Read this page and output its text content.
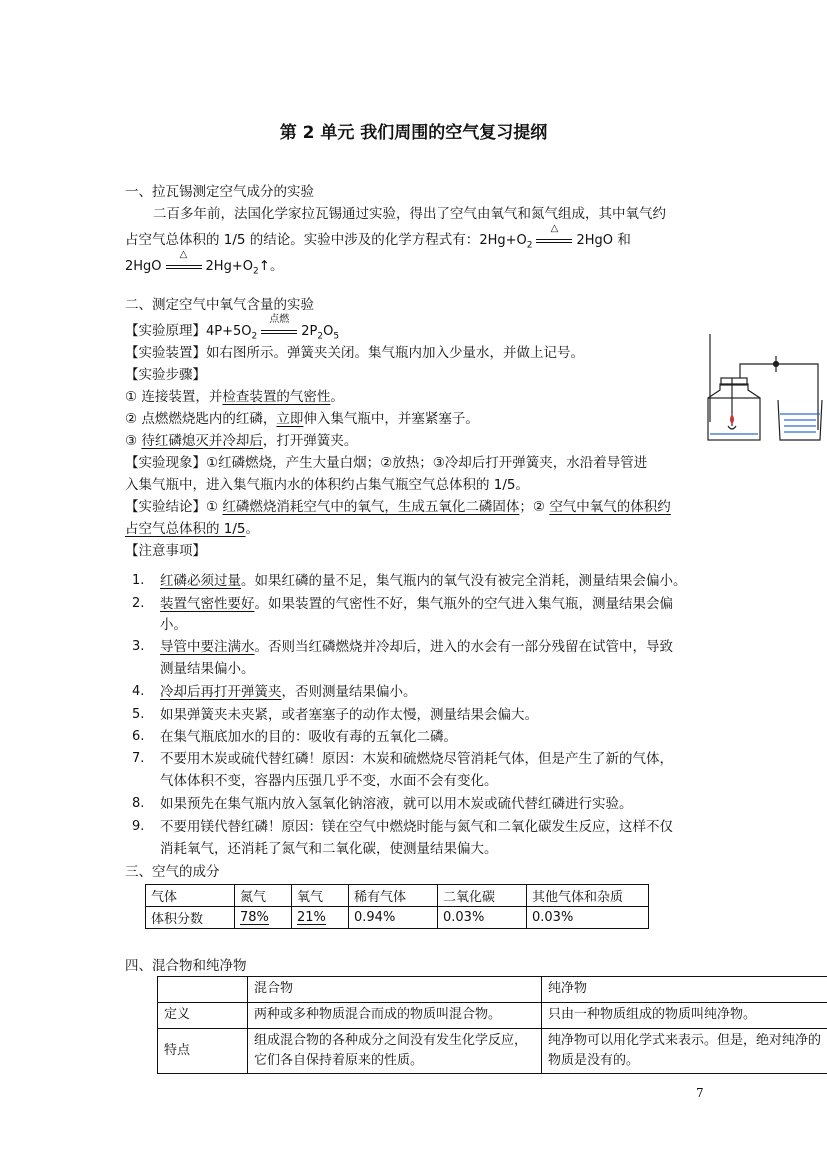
第 2 单元 我们周围的空气复习提纲
一、拉瓦锡测定空气成分的实验
二百多年前，法国化学家拉瓦锡通过实验，得出了空气由氧气和氮气组成，其中氧气约
占空气总体积的 1/5 的结论。实验中涉及的化学方程式有：$2Hg+O_2$
△
2HgO 和
2HgO
△
$2Hg+O_2↑$。
二、测定空气中氧气含量的实验
【实验原理】$4P+5O_2$
点燃
$2P_2O_5$
【实验装置】如右图所示。弹簧夹关闭。集气瓶内加入少量水，并做上记号。
【实验步骤】
① 连接装置，并检查装置的气密性。
② 点燃燃烧匙内的红磷，立即伸入集气瓶中，并塞紧塞子。
③ 待红磷熄灭并冷却后，打开弹簧夹。
【实验现象】①红磷燃烧，产生大量白烟；②放热；③冷却后打开弹簧夹，水沿着导管进
入集气瓶中，进入集气瓶内水的体积约占集气瓶空气总体积的 1/5。
【实验结论】① 红磷燃烧消耗空气中的氧气，生成五氧化二磷固体；② 空气中氧气的体积约
占空气总体积的 1/5。
【注意事项】
1. 红磷必须过量。如果红磷的量不足，集气瓶内的氧气没有被完全消耗，测量结果会偏小。
2. 装置气密性要好。如果装置的气密性不好，集气瓶外的空气进入集气瓶，测量结果会偏
小。
3. 导管中要注满水。否则当红磷燃烧并冷却后，进入的水会有一部分残留在试管中，导致
测量结果偏小。
4. 冷却后再打开弹簧夹，否则测量结果偏小。
5. 如果弹簧夹未夹紧，或者塞塞子的动作太慢，测量结果会偏大。
6. 在集气瓶底加水的目的：吸收有毒的五氧化二磷。
7. 不要用木炭或硫代替红磷！原因：木炭和硫燃烧尽管消耗气体，但是产生了新的气体，
气体体积不变，容器内压强几乎不变，水面不会有变化。
8. 如果预先在集气瓶内放入氢氧化钠溶液，就可以用木炭或硫代替红磷进行实验。
9. 不要用镁代替红磷！原因：镁在空气中燃烧时能与氮气和二氧化碳发生反应，这样不仅
消耗氧气，还消耗了氮气和二氧化碳，使测量结果偏大。
三、空气的成分
气体	氮气	氧气	稀有气体	二氧化碳	其他气体和杂质
体积分数	78%	21%	0.94%	0.03%	0.03%
四、混合物和纯净物
	混合物	纯净物
定义	两种或多种物质混合而成的物质叫混合物。	只由一种物质组成的物质叫纯净物。
特点	组成混合物的各种成分之间没有发生化学反应，它们各自保持着原来的性质。	纯净物可以用化学式来表示。但是，绝对纯净的物质是没有的。
7
